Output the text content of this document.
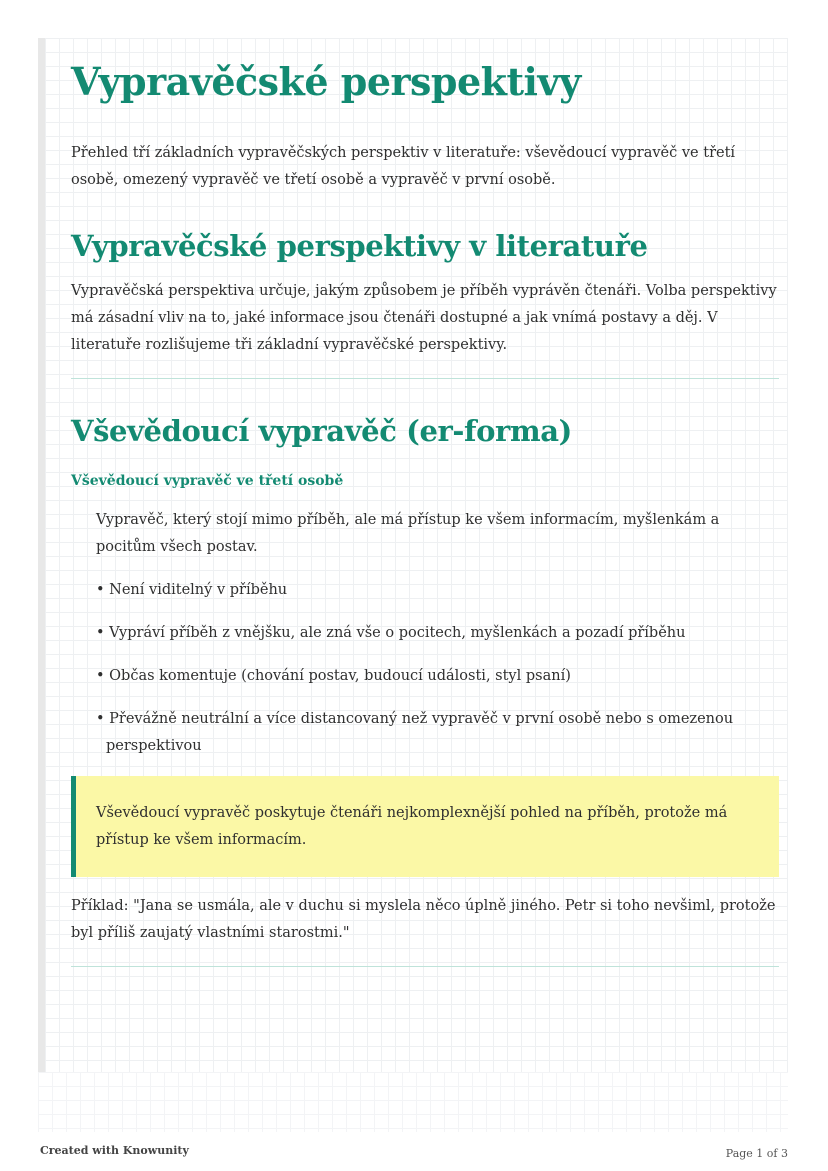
Vypravěčské perspektivy

Přehled tří základních vypravěčských perspektiv v literatuře: vševědoucí vypravěč ve třetí osobě, omezený vypravěč ve třetí osobě a vypravěč v první osobě.

Vypravěčské perspektivy v literatuře

Vypravěčská perspektiva určuje, jakým způsobem je příběh vyprávěn čtenáři. Volba perspektivy má zásadní vliv na to, jaké informace jsou čtenáři dostupné a jak vnímá postavy a děj. V literatuře rozlišujeme tři základní vypravěčské perspektivy.

Vševědoucí vypravěč (er-forma)
Vševědoucí vypravěč ve třetí osobě

Vypravěč, který stojí mimo příběh, ale má přístup ke všem informacím, myšlenkám a pocitům všech postav.

• Není viditelný v příběhu
• Vypráví příběh z vnějšku, ale zná vše o pocitech, myšlenkách a pozadí příběhu
• Občas komentuje (chování postav, budoucí události, styl psaní)
• Převážně neutrální a více distancovaný než vypravěč v první osobě nebo s omezenou perspektivou
Vševědoucí vypravěč poskytuje čtenáři nejkomplexnější pohled na příběh, protože má přístup ke všem informacím.

Příklad: "Jana se usmála, ale v duchu si myslela něco úplně jiného. Petr si toho nevšiml, protože byl příliš zaujatý vlastními starostmi."

Created with Knowunity	Page 1 of 3
